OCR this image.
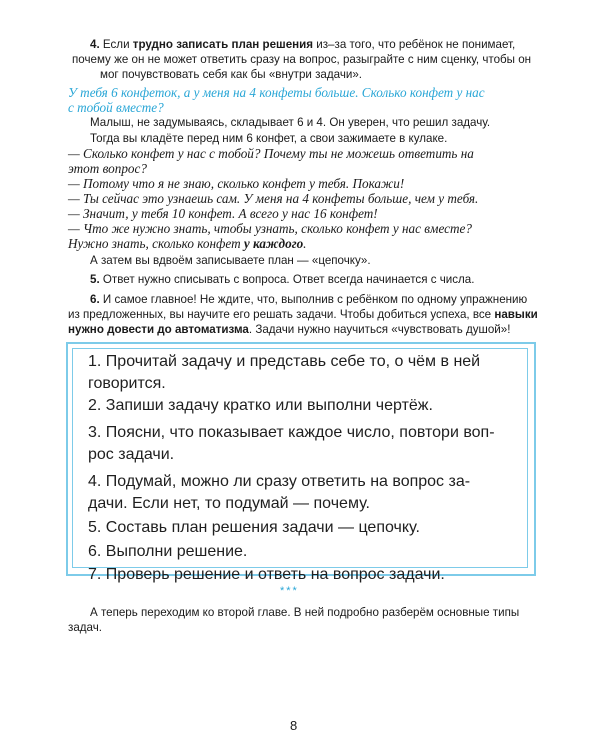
4. Если трудно записать план решения из–за того, что ребёнок не понимает,
почему же он не может ответить сразу на вопрос, разыграйте с ним сценку, чтобы он
мог почувствовать себя как бы «внутри задачи».
У тебя 6 конфеток, а у меня на 4 конфеты больше. Сколько конфет у нас
с тобой вместе?
Малыш, не задумываясь, складывает 6 и 4. Он уверен, что решил задачу.
Тогда вы кладёте перед ним 6 конфет, а свои зажимаете в кулаке.
— Сколько конфет у нас с тобой? Почему ты не можешь ответить на
этот вопрос?
— Потому что я не знаю, сколько конфет у тебя. Покажи!
— Ты сейчас это узнаешь сам. У меня на 4 конфеты больше, чем у тебя.
— Значит, у тебя 10 конфет. А всего у нас 16 конфет!
— Что же нужно знать, чтобы узнать, сколько конфет у нас вместе?
Нужно знать, сколько конфет у каждого.
А затем вы вдвоём записываете план — «цепочку».
5. Ответ нужно списывать с вопроса. Ответ всегда начинается с числа.
6. И самое главное! Не ждите, что, выполнив с ребёнком по одному упражнению
из предложенных, вы научите его решать задачи. Чтобы добиться успеха, все навыки
нужно довести до автоматизма. Задачи нужно научиться «чувствовать душой»!
1. Прочитай задачу и представь себе то, о чём в ней
говорится.
2. Запиши задачу кратко или выполни чертёж.
3. Поясни, что показывает каждое число, повтори воп-
рос задачи.
4. Подумай, можно ли сразу ответить на вопрос за-
дачи. Если нет, то подумай — почему.
5. Составь план решения задачи — цепочку.
6. Выполни решение.
***
А теперь переходим ко второй главе. В ней подробно разберём основные типы
задач.
8
7. Проверь решение и ответь на вопрос задачи.
